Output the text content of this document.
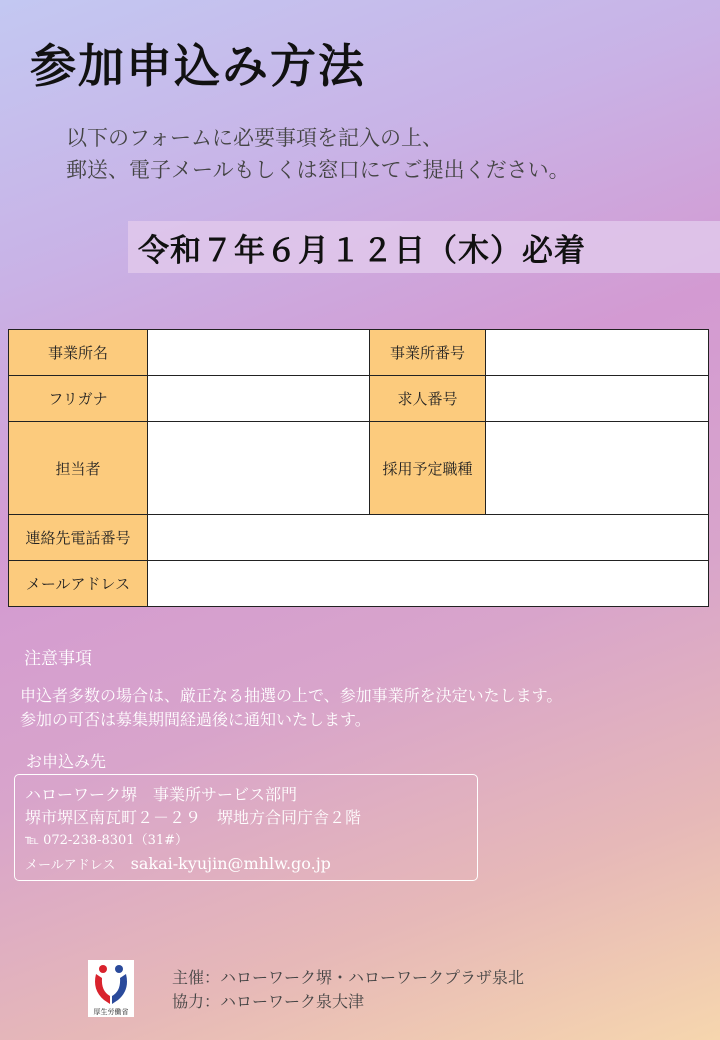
参加申込み方法
以下のフォームに必要事項を記入の上、
郵送、電子メールもしくは窓口にてご提出ください。
令和７年６月１２日（木）必着
事業所名		事業所番号	
フリガナ		求人番号	
担当者		採用予定職種	
連絡先電話番号			
メールアドレス			
注意事項
申込者多数の場合は、厳正なる抽選の上で、参加事業所を決定いたします。
参加の可否は募集期間経過後に通知いたします。
お申込み先
ハローワーク堺　事業所サービス部門
堺市堺区南瓦町２－２９　堺地方合同庁舎２階
℡ 072-238-8301（31#）
メールアドレス sakai-kyujin@mhlw.go.jp
厚生労働省
主催：ハローワーク堺・ハローワークプラザ泉北
協力：ハローワーク泉大津
